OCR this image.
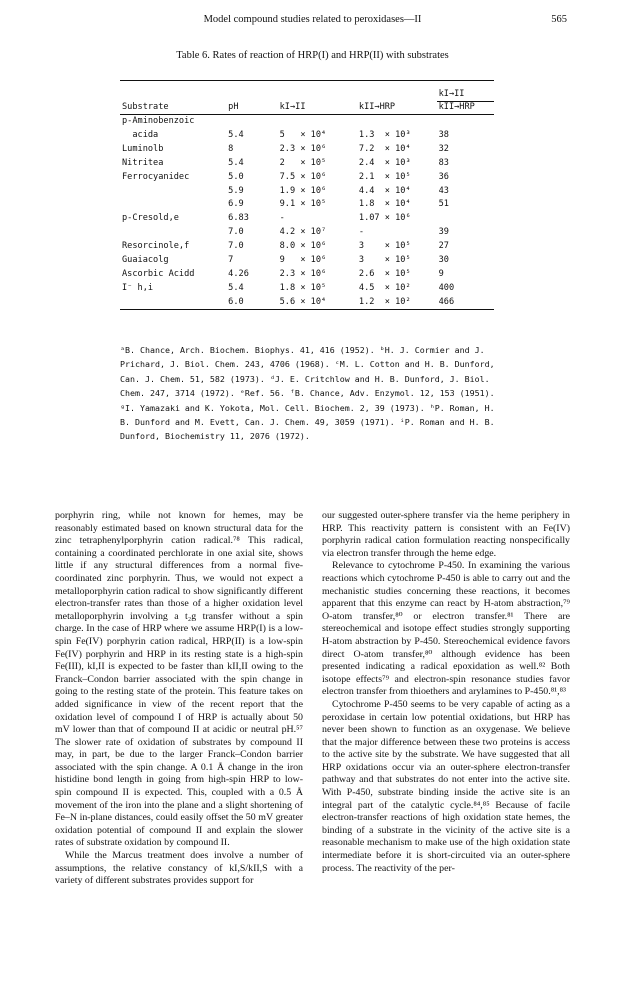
Model compound studies related to peroxidases—II	565
Table 6. Rates of reaction of HRP(I) and HRP(II) with substrates
				kI→II
Substrate	pH	kI→II	kII→HRP	kII→HRP
p-Aminobenzoic				
acida	5.4	5   × 10⁴	1.3  × 10³	38
Luminolb	8	2.3 × 10⁶	7.2  × 10⁴	32
Nitritea	5.4	2   × 10⁵	2.4  × 10³	83
Ferrocyanidec	5.0	7.5 × 10⁶	2.1  × 10⁵	36
	5.9	1.9 × 10⁶	4.4  × 10⁴	43
	6.9	9.1 × 10⁵	1.8  × 10⁴	51
p-Cresold,e	6.83	-	1.07 × 10⁶	
	7.0	4.2 × 10⁷	-	39
Resorcinole,f	7.0	8.0 × 10⁶	3    × 10⁵	27
Guaiacolg	7	9   × 10⁶	3    × 10⁵	30
Ascorbic Acidd	4.26	2.3 × 10⁶	2.6  × 10⁵	9
I⁻ h,i	5.4	1.8 × 10⁵	4.5  × 10²	400
	6.0	5.6 × 10⁴	1.2  × 10²	466

ᵃB. Chance, Arch. Biochem. Biophys. 41, 416 (1952). ᵇH. J. Cormier and J. Prichard, J. Biol. Chem. 243, 4706 (1968). ᶜM. L. Cotton and H. B. Dunford, Can. J. Chem. 51, 582 (1973). ᵈJ. E. Critchlow and H. B. Dunford, J. Biol. Chem. 247, 3714 (1972). ᵉRef. 56. ᶠB. Chance, Adv. Enzymol. 12, 153 (1951). ᵍI. Yamazaki and K. Yokota, Mol. Cell. Biochem. 2, 39 (1973). ʰP. Roman, H. B. Dunford and M. Evett, Can. J. Chem. 49, 3059 (1971). ⁱP. Roman and H. B. Dunford, Biochemistry 11, 2076 (1972).

porphyrin ring, while not known for hemes, may be reasonably estimated based on known structural data for the zinc tetraphenylporphyrin cation radical.⁷⁸ This radical, containing a coordinated perchlorate in one axial site, shows little if any structural differences from a normal five-coordinated zinc porphyrin. Thus, we would not expect a metalloporphyrin cation radical to show significantly different electron-transfer rates than those of a higher oxidation level metalloporphyrin involving a t₂g transfer without a spin charge. In the case of HRP where we assume HRP(I) is a low-spin Fe(IV) porphyrin cation radical, HRP(II) is a low-spin Fe(IV) porphyrin and HRP in its resting state is a high-spin Fe(III), kI,II is expected to be faster than kII,II owing to the Franck–Condon barrier associated with the spin change in going to the resting state of the protein. This feature takes on added significance in view of the recent report that the oxidation level of compound I of HRP is actually about 50 mV lower than that of compound II at acidic or neutral pH.⁵⁷ The slower rate of oxidation of substrates by compound II may, in part, be due to the larger Franck–Condon barrier associated with the spin change. A 0.1 Å change in the iron histidine bond length in going from high-spin HRP to low-spin compound II is expected. This, coupled with a 0.5 Å movement of the iron into the plane and a slight shortening of Fe–N in-plane distances, could easily offset the 50 mV greater oxidation potential of compound II and explain the slower rates of substrate oxidation by compound II.

While the Marcus treatment does involve a number of assumptions, the relative constancy of kI,S/kII,S with a variety of different substrates provides support for

our suggested outer-sphere transfer via the heme periphery in HRP. This reactivity pattern is consistent with an Fe(IV) porphyrin radical cation formulation reacting nonspecifically via electron transfer through the heme edge.

Relevance to cytochrome P-450. In examining the various reactions which cytochrome P-450 is able to carry out and the mechanistic studies concerning these reactions, it becomes apparent that this enzyme can react by H-atom abstraction,⁷⁹ O-atom transfer,⁸⁰ or electron transfer.⁸¹ There are stereochemical and isotope effect studies strongly supporting H-atom abstraction by P-450. Stereochemical evidence favors direct O-atom transfer,⁸⁰ although evidence has been presented indicating a radical epoxidation as well.⁸² Both isotope effects⁷⁹ and electron-spin resonance studies favor electron transfer from thioethers and arylamines to P-450.⁸¹,⁸³

Cytochrome P-450 seems to be very capable of acting as a peroxidase in certain low potential oxidations, but HRP has never been shown to function as an oxygenase. We believe that the major difference between these two proteins is access to the active site by the substrate. We have suggested that all HRP oxidations occur via an outer-sphere electron-transfer pathway and that substrates do not enter into the active site. With P-450, substrate binding inside the active site is an integral part of the catalytic cycle.⁸⁴,⁸⁵ Because of facile electron-transfer reactions of high oxidation state hemes, the binding of a substrate in the vicinity of the active site is a reasonable mechanism to make use of the high oxidation state intermediate before it is short-circuited via an outer-sphere process. The reactivity of the per-
